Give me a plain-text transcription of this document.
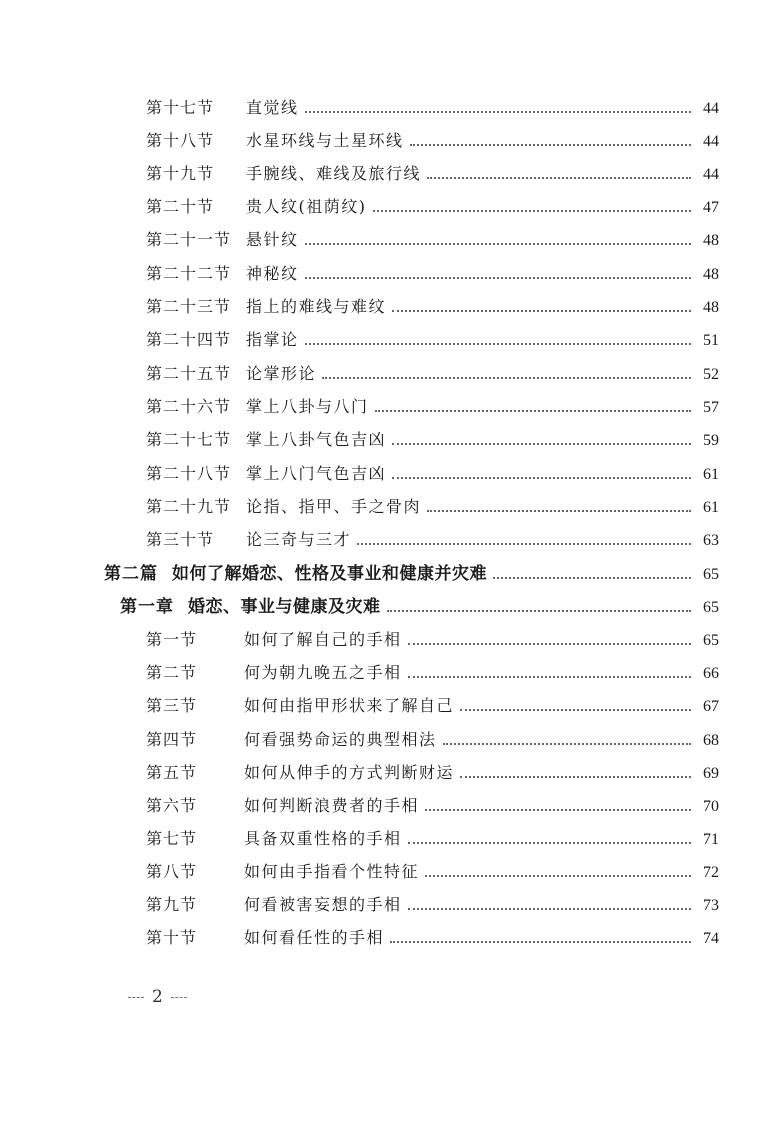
第十七节	直觉线	44
第十八节	水星环线与土星环线	44
第十九节	手腕线、难线及旅行线	44
第二十节	贵人纹(祖荫纹)	47
第二十一节 悬针纹	48
第二十二节 神秘纹	48
第二十三节 指上的难线与难纹	48
第二十四节 指掌论	51
第二十五节 论掌形论	52
第二十六节 掌上八卦与八门	57
第二十七节 掌上八卦气色吉凶	59
第二十八节 掌上八门气色吉凶	61
第二十九节 论指、指甲、手之骨肉	61
第三十节	论三奇与三才	63
第二篇 如何了解婚恋、性格及事业和健康并灾难	65
第一章 婚恋、事业与健康及灾难	65
第一节	如何了解自己的手相	65
第二节	何为朝九晚五之手相	66
第三节	如何由指甲形状来了解自己	67
第四节	何看强势命运的典型相法	68
第五节	如何从伸手的方式判断财运	69
第六节	如何判断浪费者的手相	70
第七节	具备双重性格的手相	71
第八节	如何由手指看个性特征	72
第九节	何看被害妄想的手相	73
第十节	如何看任性的手相	74
2
